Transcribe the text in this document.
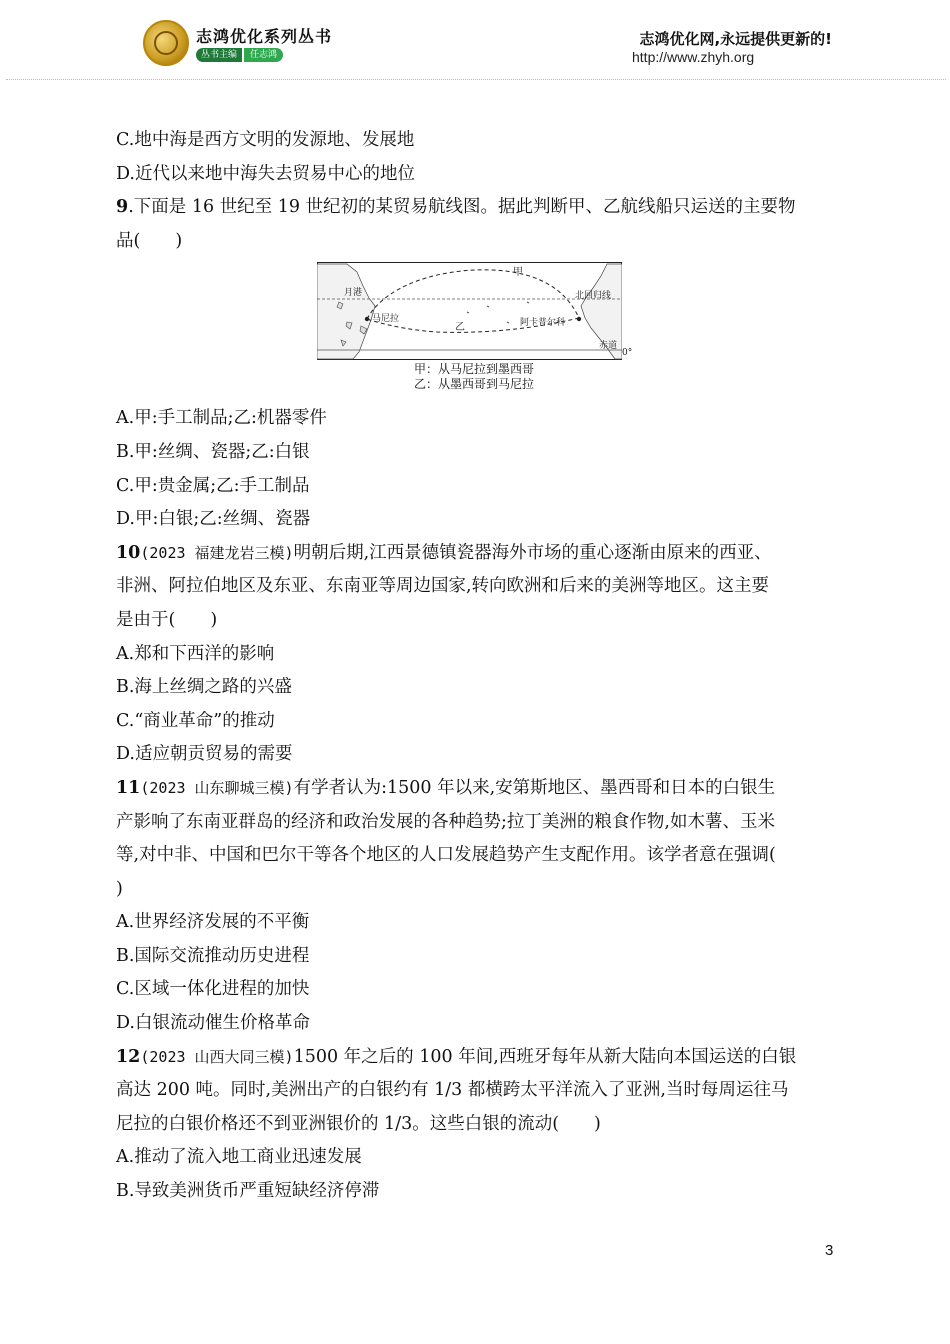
志鸿优化系列丛书
丛书主编 任志鸿
志鸿优化网,永远提供更新的!
http://www.zhyh.org
C.地中海是西方文明的发源地、发展地
D.近代以来地中海失去贸易中心的地位
9.下面是 16 世纪至 19 世纪初的某贸易航线图。据此判断甲、乙航线船只运送的主要物
品(　　)
甲
乙
月港
马尼拉	阿卡普尔科
北回归线
赤道
0°
甲：从马尼拉到墨西哥
乙：从墨西哥到马尼拉
A.甲:手工制品;乙:机器零件
B.甲:丝绸、瓷器;乙:白银
C.甲:贵金属;乙:手工制品
D.甲:白银;乙:丝绸、瓷器
10(2023 福建龙岩三模)明朝后期,江西景德镇瓷器海外市场的重心逐渐由原来的西亚、
非洲、阿拉伯地区及东亚、东南亚等周边国家,转向欧洲和后来的美洲等地区。这主要
是由于(　　)
A.郑和下西洋的影响
B.海上丝绸之路的兴盛
C.“商业革命”的推动
D.适应朝贡贸易的需要
11(2023 山东聊城三模)有学者认为:1500 年以来,安第斯地区、墨西哥和日本的白银生
产影响了东南亚群岛的经济和政治发展的各种趋势;拉丁美洲的粮食作物,如木薯、玉米
等,对中非、中国和巴尔干等各个地区的人口发展趋势产生支配作用。该学者意在强调(
)
A.世界经济发展的不平衡
B.国际交流推动历史进程
C.区域一体化进程的加快
D.白银流动催生价格革命
12(2023 山西大同三模)1500 年之后的 100 年间,西班牙每年从新大陆向本国运送的白银
高达 200 吨。同时,美洲出产的白银约有 1/3 都横跨太平洋流入了亚洲,当时每周运往马
尼拉的白银价格还不到亚洲银价的 1/3。这些白银的流动(　　)
A.推动了流入地工商业迅速发展
B.导致美洲货币严重短缺经济停滞
3
